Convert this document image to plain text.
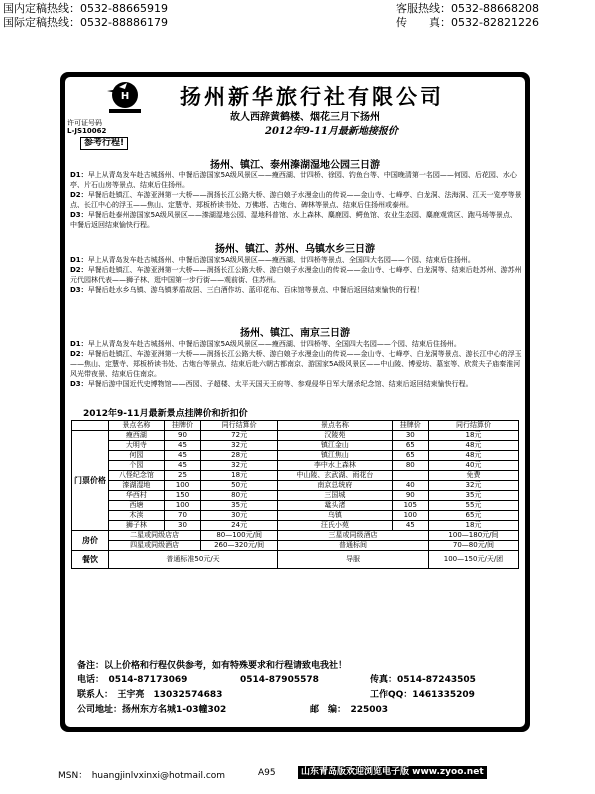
国内定稿热线：0532-88665919
国际定稿热线：0532-88886179
客服热线：0532-88668208
传　　真：0532-82821226
H 扬州新华旅行社有限公司
故人西辞黄鹤楼、烟花三月下扬州
2012年9-11月最新地接报价
许可证号码
L-JS10062
参考行程!
扬州、镇江、泰州溱湖湿地公园三日游
D1：早上从青岛发车赴古城扬州、中餐后游国家5A级风景区——瘦西湖、廿四桥、徐园、钓鱼台等、中国晚清第一名园——何园、后花园、水心亭、片石山房等景点、结束后住扬州。
D2：早餐后赴镇江、车游亚洲第一大桥——润扬长江公路大桥、游白娘子水漫金山的传说——金山寺、七峰亭、白龙洞、法海洞、江天一览亭等景点、长江中心的浮玉——焦山、定慧寺、郑板桥读书处、万佛塔、古炮台、碑林等景点、结束后住扬州或泰州。
D3：早餐后赴泰州游国家5A级风景区——溱湖湿地公园、湿地科普馆、水上森林、麋鹿园、鳄鱼馆、农业生态园、麋鹿观赏区、跑马场等景点、中餐后返回结束愉快行程。
扬州、镇江、苏州、乌镇水乡三日游
D1：早上从青岛发车赴古城扬州、中餐后游国家5A级风景区——瘦西湖、廿四桥等景点、全国四大名园——个园、结束后住扬州。
D2：早餐后赴镇江、车游亚洲第一大桥——润扬长江公路大桥、游白娘子水漫金山的传说——金山寺、七峰亭、白龙洞等、结束后赴苏州、游苏州元代园林代表——狮子林、逛中国第一步行街——观前街、住苏州。
D3：早餐后赴水乡乌镇、游乌镇茅盾故居、三白酒作坊、蓝印花布、百床馆等景点、中餐后返回结束愉快的行程！
扬州、镇江、南京三日游
D1：早上从青岛发车赴古城扬州、中餐后游国家5A级风景区——瘦西湖、廿四桥等、全国四大名园——个园、结束后住扬州。
D2：早餐后赴镇江、车游亚洲第一大桥——润扬长江公路大桥、游白娘子水漫金山的传说——金山寺、七峰亭、白龙洞等景点、游长江中心的浮玉——焦山、定慧寺、郑板桥读书处、古炮台等景点、结束后赴六朝古都南京、游国家5A级风景区——中山陵、博爱坊、墓室等、欣赏夫子庙秦淮河风光带夜景、结束后住南京。
D3：早餐后游中国近代史博物馆——西园、子超楼、太平天国天王府等、参观侵华日军大屠杀纪念馆、结束后返回结束愉快行程。
2012年9-11月最新景点挂牌价和折扣价
	景点名称	挂牌价	同行结算价	景点名称	挂牌价	同行结算价
门票价格	瘦西湖	90	72元	汉陵苑	30	18元
	大明寺	45	32元	镇江金山	65	48元
	何园	45	28元	镇江焦山	65	48元
	个园	45	32元	李中水上森林	80	40元
	八怪纪念馆	25	18元	中山陵、玄武湖、雨花台		免费
	溱湖湿地	100	50元	南京总统府	40	32元
	华西村	150	80元	三国城	90	35元
	西塘	100	35元	鼋头渚	105	55元
	木渎	70	30元	乌镇	100	65元
	狮子林	30	24元	汪氏小苑	45	18元
房价	二星或同级店店		80—100元/间	三星或同级酒店		100—180元/间
	四星或同级酒店		260—320元/间	普通标间		70—80元/间
餐饮	普通标准50元/天			导服		100—150元/天/团
备注：以上价格和行程仅供参考，如有特殊要求和行程请致电我社！
电话：　0514-87173069	0514-87905578	传真：0514-87243505
联系人：　王宇亮　13032574683	工作QQ：1461335209
公司地址：扬州东方名城1-03幢302	邮　编：　225003
MSN：　huangjinlvxinxi@hotmail.com	A95	山东青岛版欢迎浏览电子版 www.zyoo.net
